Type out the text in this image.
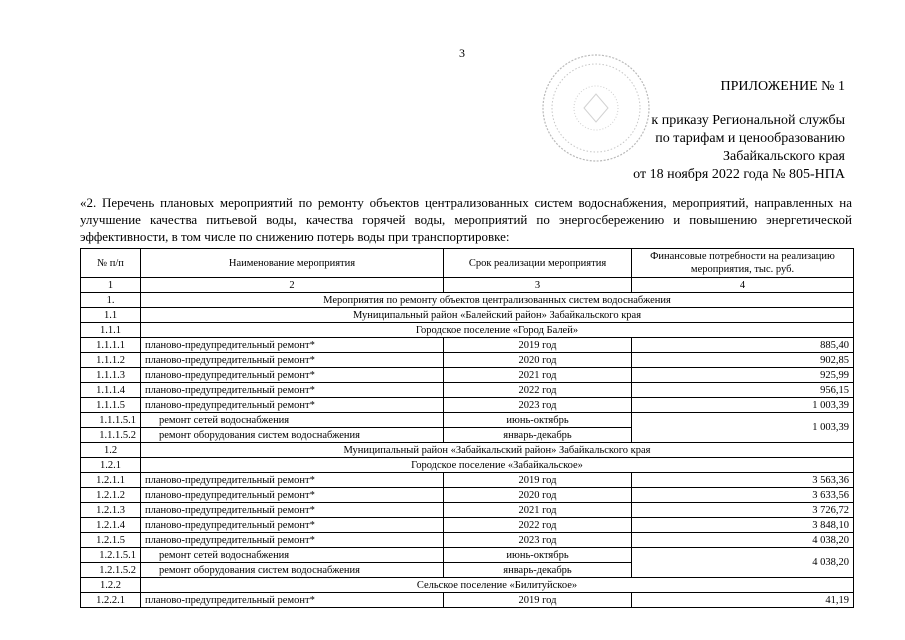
3
ПРИЛОЖЕНИЕ № 1
к приказу Региональной службы
по тарифам и ценообразованию
Забайкальского края
от 18 ноября 2022 года № 805-НПА
«2. Перечень плановых мероприятий по ремонту объектов централизованных систем водоснабжения, мероприятий, направленных на улучшение качества питьевой воды, качества горячей воды, мероприятий по энергосбережению и повышению энергетической эффективности, в том числе по снижению потерь воды при транспортировке:
№ п/п	Наименование мероприятия	Срок реализации мероприятия	Финансовые потребности на реализацию мероприятия, тыс. руб.
1	2	3	4
1.	Мероприятия по ремонту объектов централизованных систем водоснабжения		
1.1	Муниципальный район «Балейский район» Забайкальского края		
1.1.1	Городское поселение «Город Балей»		
1.1.1.1	планово-предупредительный ремонт*	2019 год	885,40
1.1.1.2	планово-предупредительный ремонт*	2020 год	902,85
1.1.1.3	планово-предупредительный ремонт*	2021 год	925,99
1.1.1.4	планово-предупредительный ремонт*	2022 год	956,15
1.1.1.5	планово-предупредительный ремонт*	2023 год	1 003,39
1.1.1.5.1	ремонт сетей водоснабжения	июнь-октябрь	1 003,39
1.1.1.5.2	ремонт оборудования систем водоснабжения	январь-декабрь	
1.2	Муниципальный район «Забайкальский район» Забайкальского края		
1.2.1	Городское поселение «Забайкальское»		
1.2.1.1	планово-предупредительный ремонт*	2019 год	3 563,36
1.2.1.2	планово-предупредительный ремонт*	2020 год	3 633,56
1.2.1.3	планово-предупредительный ремонт*	2021 год	3 726,72
1.2.1.4	планово-предупредительный ремонт*	2022 год	3 848,10
1.2.1.5	планово-предупредительный ремонт*	2023 год	4 038,20
1.2.1.5.1	ремонт сетей водоснабжения	июнь-октябрь	4 038,20
1.2.1.5.2	ремонт оборудования систем водоснабжения	январь-декабрь	
1.2.2	Сельское поселение «Билитуйское»		
1.2.2.1	планово-предупредительный ремонт*	2019 год	41,19
